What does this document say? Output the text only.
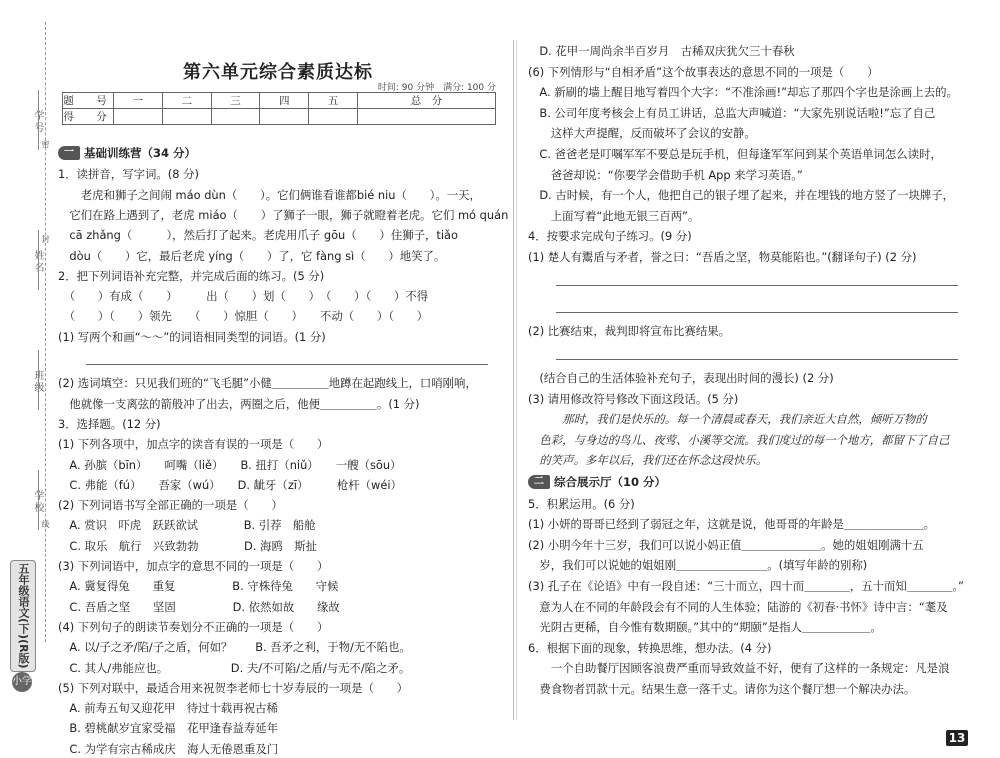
密
封
线
五年级语文(下)(R版)
小学
第六单元综合素质达标
时间: 90 分钟　满分: 100 分
题　号	一	二	三	四	五	总　分
得　分						
一 基础训练营（34 分）
1．读拼音，写字词。(8 分)
　　老虎和狮子之间闹 máo dùn（　　）。它们俩谁看谁都bié niu（　　）。一天，
　它们在路上遇到了，老虎 miáo（　　）了狮子一眼，狮子就瞪着老虎。它们 mó quán
　cā zhǎng（　　　），然后打了起来。老虎用爪子 gōu（　　）住狮子，tiǎo
　dòu（　　）它，最后老虎 yíng（　　）了，它 fàng sì（　　）地笑了。
2．把下列词语补充完整，并完成后面的练习。(5 分)
　（　　）有成（　　）　　　出（　　）划（　　）　（　　）（　　）不得
　（　　）（　　）领先　　（　　）惊胆（　　）　　不动（　　）（　　）
(1) 写两个和画“～～”的词语相同类型的词语。(1 分)
(2) 选词填空：只见我们班的“飞毛腿”小健＿＿＿＿＿地蹲在起跑线上，口哨刚响，
　他就像一支离弦的箭般冲了出去，两圈之后，他便＿＿＿＿＿。(1 分)
3．选择题。(12 分)
(1) 下列各项中，加点字的读音有误的一项是（　　）
　A. 孙膑（bīn）　　呵嘴（liě）　　B. 扭打（niǔ）　　一艘（sōu）
　C. 弗能（fú）　　吾家（wú）　　D. 龇牙（zī）　　　枪杆（wéi）
(2) 下列词语书写全部正确的一项是（　　）
　A. 赏识　吓虎　跃跃欲试　　　　B. 引荐　船舱
　C. 取乐　航行　兴致勃勃　　　　D. 海鸥　斯扯
(3) 下列词语中，加点字的意思不同的一项是（　　）
　A. 冀复得兔　　重复　　　　　B. 守株待兔　　守候
　C. 吾盾之坚　　坚固　　　　　D. 依然如故　　缘故
(4) 下列句子的朗读节奏划分不正确的一项是（　　）
　A. 以/子之矛/陷/子之盾，何如？　　B. 吾矛之利，于物/无不陷也。
　C. 其人/弗能应也。　　　　　　D. 夫/不可陷/之盾/与无不/陷之矛。
(5) 下列对联中，最适合用来祝贺李老师七十岁寿辰的一项是（　　）
　A. 前寿五旬又迎花甲　待过十载再祝古稀
　B. 碧桃献岁宜家受福　花甲逢春益寿延年
　C. 为学有宗古稀成庆　海人无倦恩重及门
　D. 花甲一周尚余半百岁月　古稀双庆犹欠三十春秋
(6) 下列情形与“自相矛盾”这个故事表达的意思不同的一项是（　　）
　A. 新刷的墙上醒目地写着四个大字：“不准涂画!”却忘了那四个字也是涂画上去的。
　B. 公司年度考核会上有员工讲话，总监大声喊道：“大家先别说话啦!”忘了自己
　　这样大声提醒，反而破坏了会议的安静。
　C. 爸爸老是叮嘱军军不要总是玩手机，但每逢军军问到某个英语单词怎么读时，
　　爸爸却说：“你要学会借助手机 App 来学习英语。”
　D. 古时候，有一个人，他把自己的银子埋了起来，并在埋钱的地方竖了一块牌子，
　　上面写着“此地无银三百两”。
4．按要求完成句子练习。(9 分)
(1) 楚人有鬻盾与矛者，誉之曰：“吾盾之坚，物莫能陷也。”(翻译句子) (2 分)
(2) 比赛结束，裁判即将宣布比赛结果。
　(结合自己的生活体验补充句子，表现出时间的漫长) (2 分)
(3) 请用修改符号修改下面这段话。(5 分)
　　　那时，我们是快乐的。每一个清晨或春天，我们亲近大自然，倾听万物的
　色彩，与身边的鸟儿、夜莺、小溪等交流。我们度过的每一个地方，都留下了自己
　的笑声。多年以后，我们还在怀念这段快乐。
二 综合展示厅（10 分）
5．积累运用。(6 分)
(1) 小妍的哥哥已经到了弱冠之年，这就是说，他哥哥的年龄是＿＿＿＿＿＿＿。
(2) 小明今年十三岁，我们可以说小妈正值＿＿＿＿＿＿＿。她的姐姐刚满十五
　岁，我们可以说她的姐姐刚＿＿＿＿＿＿＿＿。(填写年龄的别称)
(3) 孔子在《论语》中有一段自述：“三十而立，四十而＿＿＿＿，五十而知＿＿＿＿。”
　意为人在不同的年龄段会有不同的人生体验；陆游的《初春·书怀》诗中言：“耄及
　光阴古更稀，自今惟有数期颐。”其中的“期颐”是指人＿＿＿＿＿＿。
6．根据下面的现象，转换思维，想办法。(4 分)
　　一个自助餐厅因顾客浪费严重而导致效益不好，便有了这样的一条规定：凡是浪
　费食物者罚款十元。结果生意一落千丈。请你为这个餐厅想一个解决办法。
13
